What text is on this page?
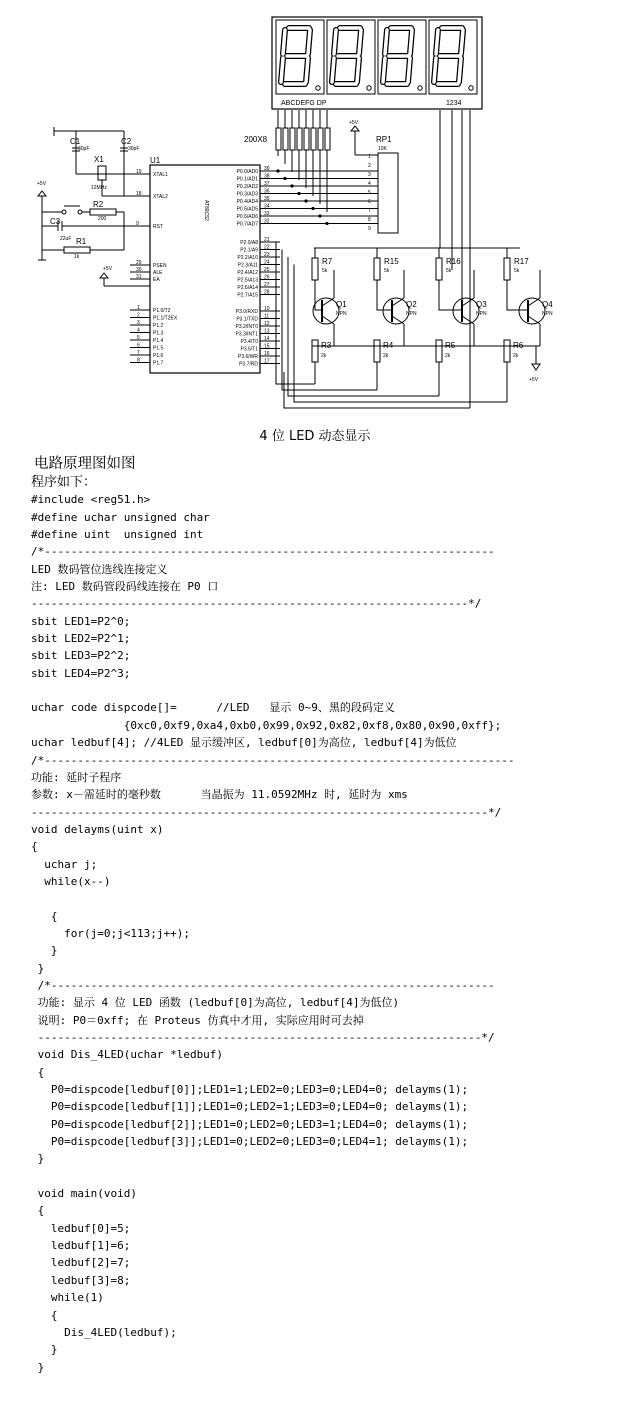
ABCDEFG DP	1234
200X8	RP1
10K
1
2
3
4
5
6
7
8
9
+5V
U1
AT89C52
19 XTAL1
18 XTAL2
9	RST
29 PSEN
30 ALE
31 EA
1	P1.0/T2
2	P1.1/T2EX
3	P1.2
4	P1.3
5	P1.4
6	P1.5
7	P1.6
8	P1.7
39
P0.0/AD0
38
P0.1/AD1
37
P0.2/AD2
36
P0.3/AD3
35
P0.4/AD4
34
P0.5/AD5
33
P0.6/AD6
32
P0.7/AD7
21
P2.0/A8
22
P2.1/A9
23
P2.2/A10
24
P2.3/A11
25
P2.4/A12
26
P2.5/A13
27
P2.6/A14
28
P2.7/A15
10
P3.0/RXD
11
P3.1/TXD
12
P3.2/INT0
13
P3.3/INT1
14
P3.4/T0
15
P3.5/T1
16
P3.6/WR
17
P3.7/RD
C1
30pF
C2
30pF
X1
12MHz
+5V
R2
200
C3
22uF R1
1k
+5V
R7
5k
Q1
NPN
R3
2k
R15
5k
Q2
NPN
R4
2k
R16
5k
Q3
NPN
R5
2k
R17
5k
Q4
NPN
R6
2k
+5V
4 位 LED 动态显示
电路原理图如图
程序如下：
#include <reg51.h>
#define uchar unsigned char
#define uint  unsigned int
/*--------------------------------------------------------------------
LED 数码管位选线连接定义
注: LED 数码管段码线连接在 P0 口
------------------------------------------------------------------*/
sbit LED1=P2^0;
sbit LED2=P2^1;
sbit LED3=P2^2;
sbit LED4=P2^3;
uchar code dispcode[]=      //LED   显示 0~9、黑的段码定义
{0xc0,0xf9,0xa4,0xb0,0x99,0x92,0x82,0xf8,0x80,0x90,0xff};
uchar ledbuf[4]; //4LED 显示缓冲区, ledbuf[0]为高位, ledbuf[4]为低位
/*-----------------------------------------------------------------------
功能: 延时子程序
参数: x－需延时的毫秒数      当晶振为 11.0592MHz 时, 延时为 xms
---------------------------------------------------------------------*/
void delayms(uint x)
{
uchar j;
while(x--)
{
for(j=0;j<113;j++);
}
}
/*-------------------------------------------------------------------
功能: 显示 4 位 LED 函数 (ledbuf[0]为高位, ledbuf[4]为低位)
说明: P0＝0xff; 在 Proteus 仿真中才用, 实际应用时可去掉
-------------------------------------------------------------------*/
void Dis_4LED(uchar *ledbuf)
{
P0=dispcode[ledbuf[0]];LED1=1;LED2=0;LED3=0;LED4=0; delayms(1);
P0=dispcode[ledbuf[1]];LED1=0;LED2=1;LED3=0;LED4=0; delayms(1);
P0=dispcode[ledbuf[2]];LED1=0;LED2=0;LED3=1;LED4=0; delayms(1);
P0=dispcode[ledbuf[3]];LED1=0;LED2=0;LED3=0;LED4=1; delayms(1);
}
void main(void)
{
ledbuf[0]=5;
ledbuf[1]=6;
ledbuf[2]=7;
ledbuf[3]=8;
while(1)
{
Dis_4LED(ledbuf);
}
}
